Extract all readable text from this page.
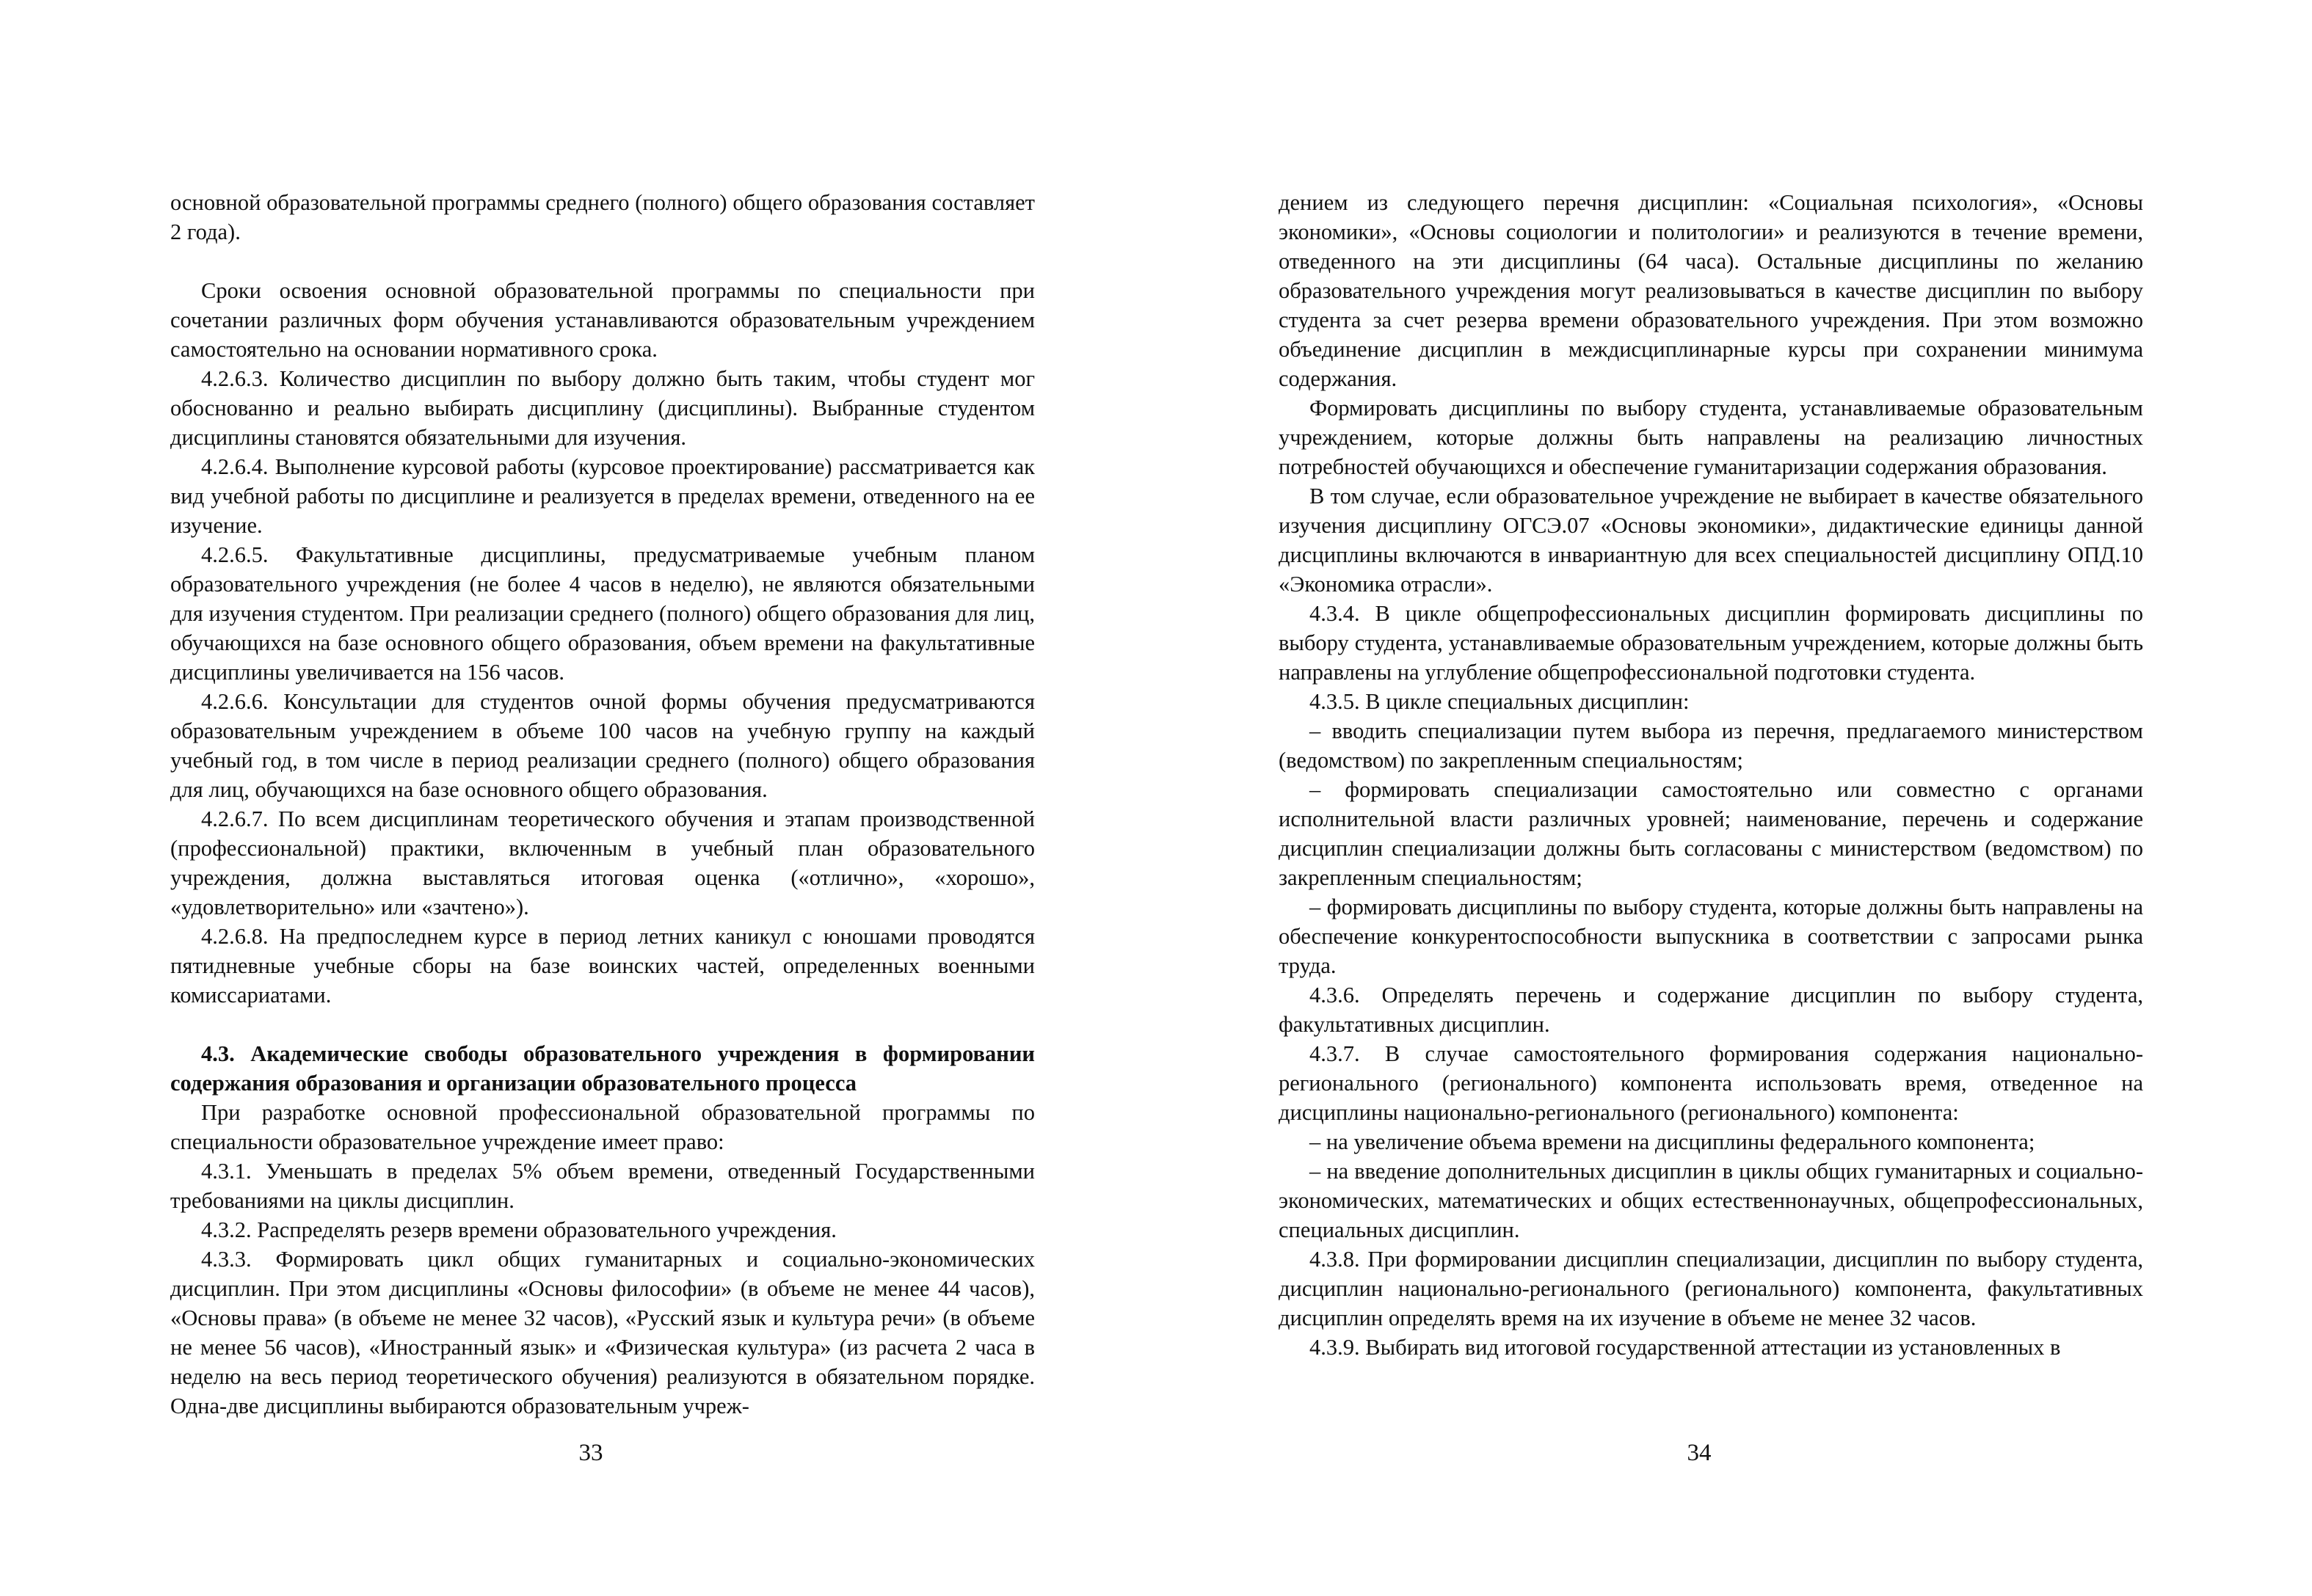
основной образовательной программы среднего (полного) общего образования составляет 2 года).

Сроки освоения основной образовательной программы по специальности при сочетании различных форм обучения устанавливаются образовательным учреждением самостоятельно на основании нормативного срока.

4.2.6.3. Количество дисциплин по выбору должно быть таким, чтобы студент мог обоснованно и реально выбирать дисциплину (дисциплины). Выбранные студентом дисциплины становятся обязательными для изучения.

4.2.6.4. Выполнение курсовой работы (курсовое проектирование) рассматривается как вид учебной работы по дисциплине и реализуется в пределах времени, отведенного на ее изучение.

4.2.6.5. Факультативные дисциплины, предусматриваемые учебным планом образовательного учреждения (не более 4 часов в неделю), не являются обязательными для изучения студентом. При реализации среднего (полного) общего образования для лиц, обучающихся на базе основного общего образования, объем времени на факультативные дисциплины увеличивается на 156 часов.

4.2.6.6. Консультации для студентов очной формы обучения предусматриваются образовательным учреждением в объеме 100 часов на учебную группу на каждый учебный год, в том числе в период реализации среднего (полного) общего образования для лиц, обучающихся на базе основного общего образования.

4.2.6.7. По всем дисциплинам теоретического обучения и этапам производственной (профессиональной) практики, включенным в учебный план образовательного учреждения, должна выставляться итоговая оценка («отлично», «хорошо», «удовлетворительно» или «зачтено»).

4.2.6.8. На предпоследнем курсе в период летних каникул с юношами проводятся пятидневные учебные сборы на базе воинских частей, определенных военными комиссариатами.

4.3. Академические свободы образовательного учреждения в формировании содержания образования и организации образовательного процесса

При разработке основной профессиональной образовательной программы по специальности образовательное учреждение имеет право:

4.3.1. Уменьшать в пределах 5% объем времени, отведенный Государственными требованиями на циклы дисциплин.

4.3.2. Распределять резерв времени образовательного учреждения.

4.3.3. Формировать цикл общих гуманитарных и социально-экономических дисциплин. При этом дисциплины «Основы философии» (в объеме не менее 44 часов), «Основы права» (в объеме не менее 32 часов), «Русский язык и культура речи» (в объеме не менее 56 часов), «Иностранный язык» и «Физическая культура» (из расчета 2 часа в неделю на весь период теоретического обучения) реализуются в обязательном порядке. Одна-две дисциплины выбираются образовательным учреж-

дением из следующего перечня дисциплин: «Социальная психология», «Основы экономики», «Основы социологии и политологии» и реализуются в течение времени, отведенного на эти дисциплины (64 часа). Остальные дисциплины по желанию образовательного учреждения могут реализовываться в качестве дисциплин по выбору студента за счет резерва времени образовательного учреждения. При этом возможно объединение дисциплин в междисциплинарные курсы при сохранении минимума содержания.

Формировать дисциплины по выбору студента, устанавливаемые образовательным учреждением, которые должны быть направлены на реализацию личностных потребностей обучающихся и обеспечение гуманитаризации содержания образования.

В том случае, если образовательное учреждение не выбирает в качестве обязательного изучения дисциплину ОГСЭ.07 «Основы экономики», дидактические единицы данной дисциплины включаются в инвариантную для всех специальностей дисциплину ОПД.10 «Экономика отрасли».

4.3.4. В цикле общепрофессиональных дисциплин формировать дисциплины по выбору студента, устанавливаемые образовательным учреждением, которые должны быть направлены на углубление общепрофессиональной подготовки студента.

4.3.5. В цикле специальных дисциплин:

– вводить специализации путем выбора из перечня, предлагаемого министерством (ведомством) по закрепленным специальностям;

– формировать специализации самостоятельно или совместно с органами исполнительной власти различных уровней; наименование, перечень и содержание дисциплин специализации должны быть согласованы с министерством (ведомством) по закрепленным специальностям;

– формировать дисциплины по выбору студента, которые должны быть направлены на обеспечение конкурентоспособности выпускника в соответствии с запросами рынка труда.

4.3.6. Определять перечень и содержание дисциплин по выбору студента, факультативных дисциплин.

4.3.7. В случае самостоятельного формирования содержания национально-регионального (регионального) компонента использовать время, отведенное на дисциплины национально-регионального (регионального) компонента:

– на увеличение объема времени на дисциплины федерального компонента;

– на введение дополнительных дисциплин в циклы общих гуманитарных и социально-экономических, математических и общих естественнонаучных, общепрофессиональных, специальных дисциплин.

4.3.8. При формировании дисциплин специализации, дисциплин по выбору студента, дисциплин национально-регионального (регионального) компонента, факультативных дисциплин определять время на их изучение в объеме не менее 32 часов.

4.3.9. Выбирать вид итоговой государственной аттестации из установленных в

33	34
